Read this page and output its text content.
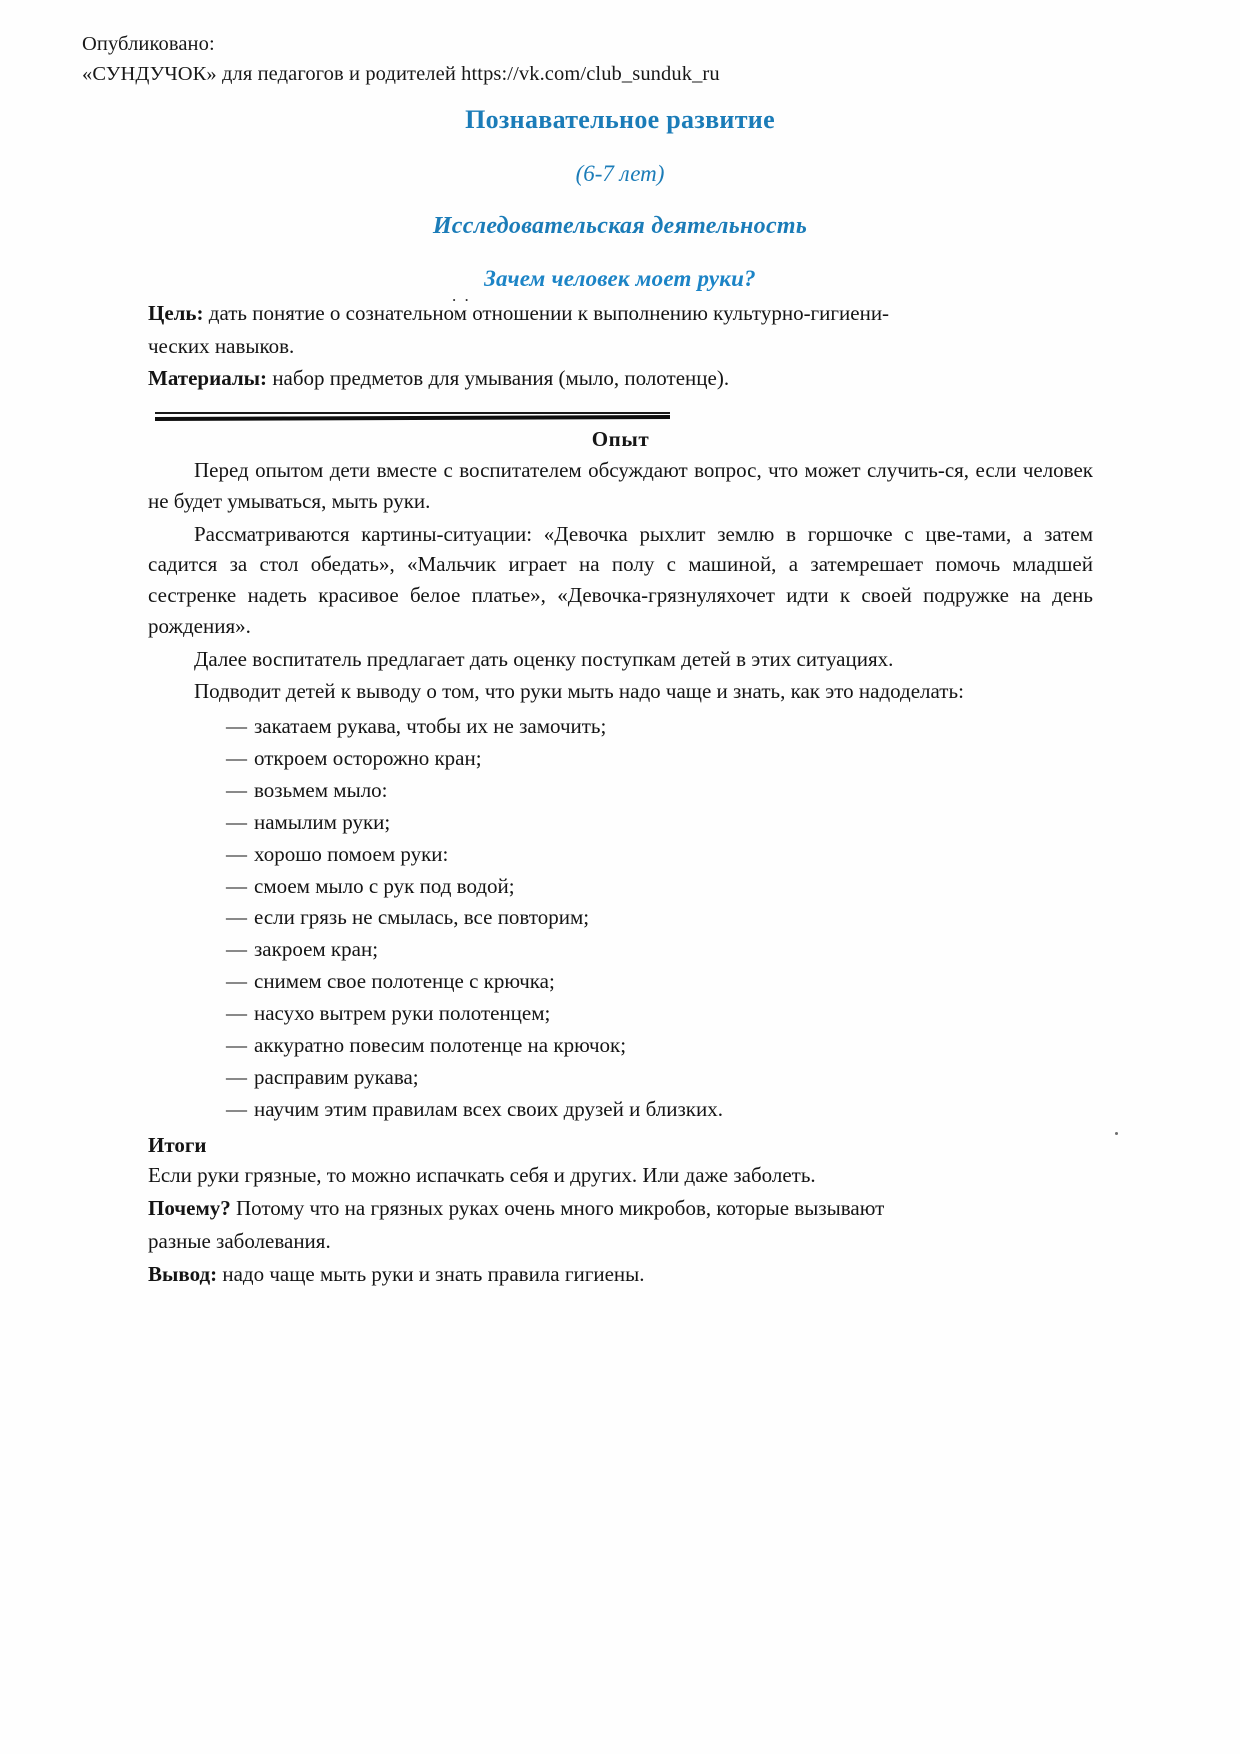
Опубликовано:
«СУНДУЧОК» для педагогов и родителей https://vk.com/club_sunduk_ru
Познавательное развитие
(6-7 лет)
Исследовательская деятельность
Зачем человек моет руки?
. .

Цель: дать понятие о сознательном отношении к выполнению культурно-гигиени-

ческих навыков.

Материалы: набор предметов для умывания (мыло, полотенце).

Опыт

Перед опытом дети вместе с воспитателем обсуждают вопрос, что может случить-ся, если человек не будет умываться, мыть руки.

Рассматриваются картины-ситуации: «Девочка рыхлит землю в горшочке с цве-тами, а затем садится за стол обедать», «Мальчик играет на полу с машиной, а затемрешает помочь младшей сестренке надеть красивое белое платье», «Девочка-грязнуляхочет идти к своей подружке на день рождения».

Далее воспитатель предлагает дать оценку поступкам детей в этих ситуациях.

Подводит детей к выводу о том, что руки мыть надо чаще и знать, как это надоделать:

— закатаем рукава, чтобы их не замочить;
— откроем осторожно кран;
— возьмем мыло:
— намылим руки;
— хорошо помоем руки:
— смоем мыло с рук под водой;
— если грязь не смылась, все повторим;
— закроем кран;
— снимем свое полотенце с крючка;
— насухо вытрем руки полотенцем;
— аккуратно повесим полотенце на крючок;
— расправим рукава;
— научим этим правилам всех своих друзей и близких.
Итоги

Если руки грязные, то можно испачкать себя и других. Или даже заболеть.

Почему? Потому что на грязных руках очень много микробов, которые вызывают

разные заболевания.

Вывод: надо чаще мыть руки и знать правила гигиены.
